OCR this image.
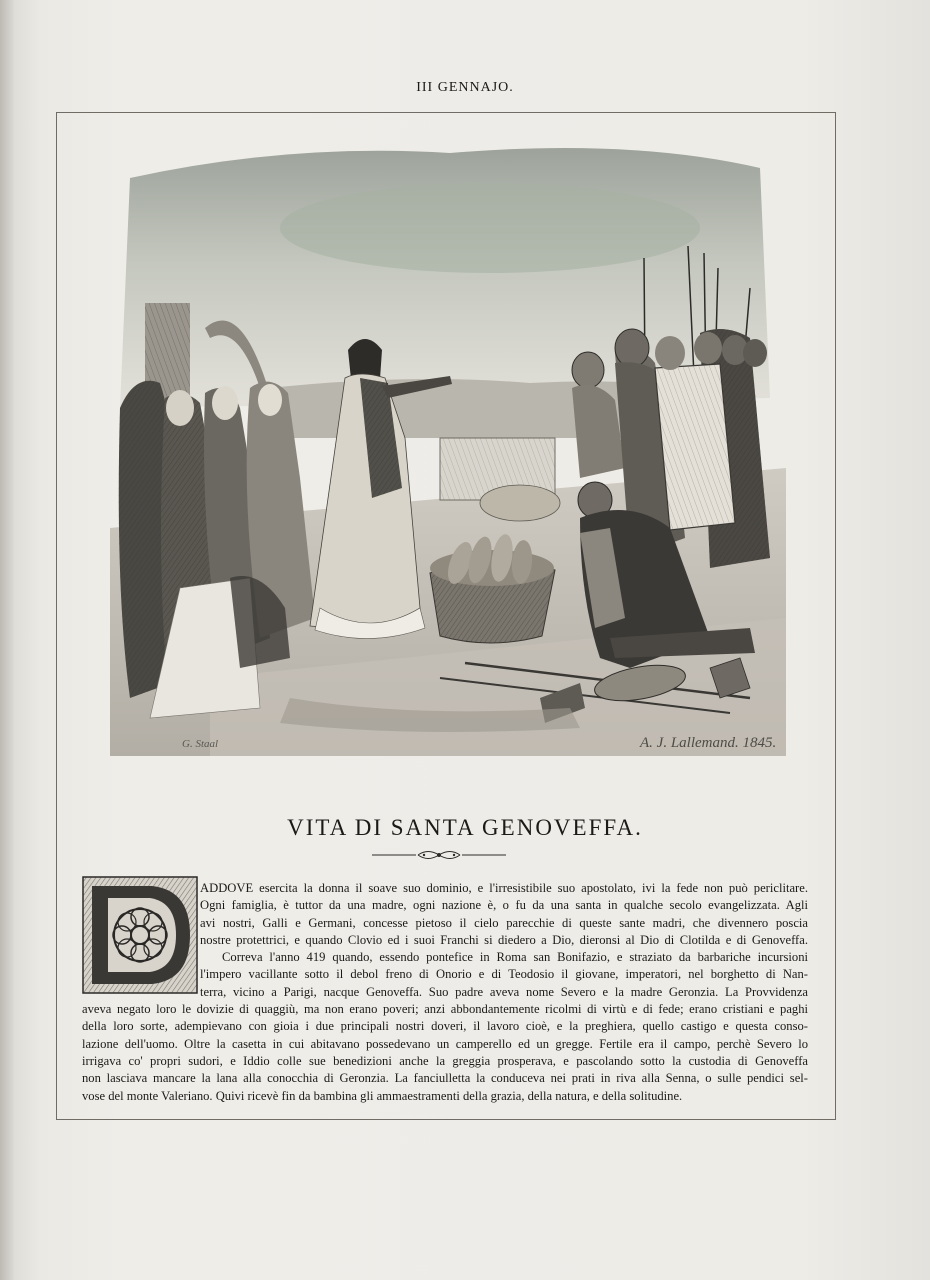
III GENNAJO.
G. Staal	A. J. Lallemand. 1845.
VITA DI SANTA GENOVEFFA.
ADDOVE esercita la donna il soave suo dominio, e l'irresistibile suo apostolato, ivi la fede non può periclitare.
Ogni famiglia, è tuttor da una madre, ogni nazione è, o fu da una santa in qualche secolo evangelizzata. Agli
avi nostri, Galli e Germani, concesse pietoso il cielo parecchie di queste sante madri, che divennero poscia
nostre protettrici, e quando Clovio ed i suoi Franchi si diedero a Dio, dieronsi al Dio di Clotilda e di Genoveffa.
Correva l'anno 419 quando, essendo pontefice in Roma san Bonifazio, e straziato da barbariche incursioni
l'impero vacillante sotto il debol freno di Onorio e di Teodosio il giovane, imperatori, nel borghetto di Nan-
terra, vicino a Parigi, nacque Genoveffa. Suo padre aveva nome Severo e la madre Geronzia. La Provvidenza
aveva negato loro le dovizie di quaggiù, ma non erano poveri; anzi abbondantemente ricolmi di virtù e di fede; erano cristiani e paghi
della loro sorte, adempievano con gioia i due principali nostri doveri, il lavoro cioè, e la preghiera, quello castigo e questa conso-
lazione dell'uomo. Oltre la casetta in cui abitavano possedevano un camperello ed un gregge. Fertile era il campo, perchè Severo lo
irrigava co' propri sudori, e Iddio colle sue benedizioni anche la greggia prosperava, e pascolando sotto la custodia di Genoveffa
non lasciava mancare la lana alla conocchia di Geronzia. La fanciulletta la conduceva nei prati in riva alla Senna, o sulle pendici sel-
vose del monte Valeriano. Quivi ricevè fin da bambina gli ammaestramenti della grazia, della natura, e della solitudine.
